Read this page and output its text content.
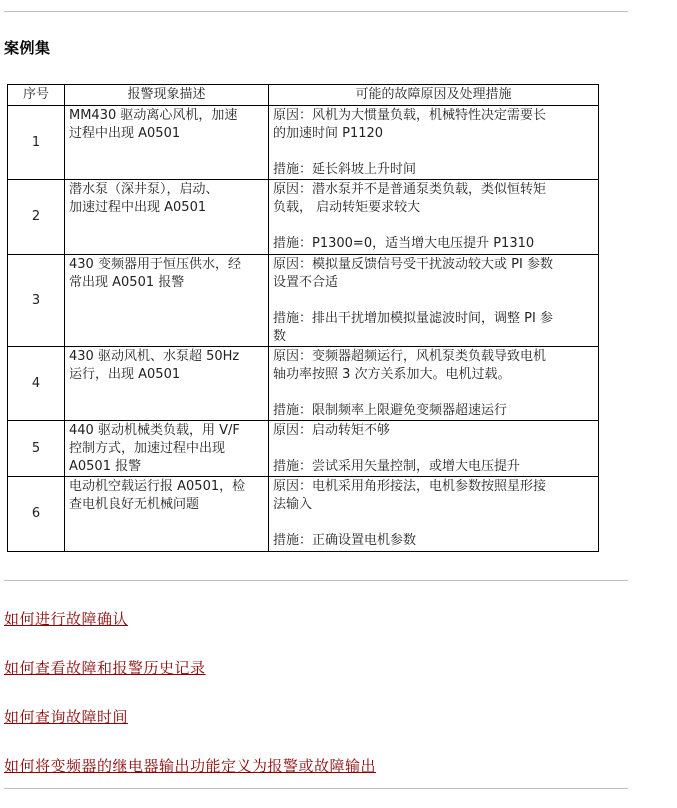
案例集
序号	报警现象描述	可能的故障原因及处理措施
1	MM430 驱动离心风机，加速
过程中出现 A0501	原因：风机为大惯量负载，机械特性决定需要长
的加速时间 P1120
措施：延长斜坡上升时间

2	潜水泵（深井泵），启动、
加速过程中出现 A0501	原因：潜水泵并不是普通泵类负载，类似恒转矩
负载， 启动转矩要求较大
措施：P1300=0，适当增大电压提升 P1310

3	430 变频器用于恒压供水，经
常出现 A0501 报警	原因：模拟量反馈信号受干扰波动较大或 PI 参数
设置不合适
措施：排出干扰增加模拟量滤波时间，调整 PI 参
数

4	430 驱动风机、水泵超 50Hz
运行，出现 A0501	原因：变频器超频运行，风机泵类负载导致电机
轴功率按照 3 次方关系加大。电机过载。
措施：限制频率上限避免变频器超速运行

5	440 驱动机械类负载，用 V/F
控制方式，加速过程中出现
A0501 报警	原因：启动转矩不够
措施：尝试采用矢量控制，或增大电压提升

6	电动机空载运行报 A0501，检
查电机良好无机械问题	原因：电机采用角形接法，电机参数按照星形接
法输入
措施：正确设置电机参数
如何进行故障确认
如何查看故障和报警历史记录
如何查询故障时间
如何将变频器的继电器输出功能定义为报警或故障输出
